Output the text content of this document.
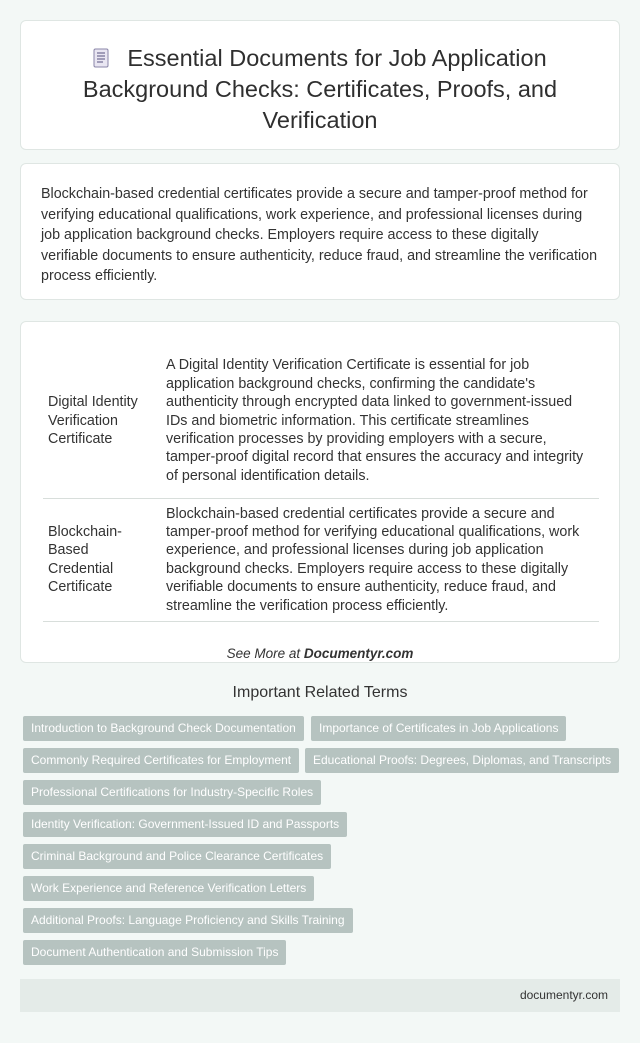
Essential Documents for Job Application Background Checks: Certificates, Proofs, and Verification

Blockchain-based credential certificates provide a secure and tamper-proof method for verifying educational qualifications, work experience, and professional licenses during job application background checks. Employers require access to these digitally verifiable documents to ensure authenticity, reduce fraud, and streamline the verification process efficiently.

Digital Identity Verification Certificate	A Digital Identity Verification Certificate is essential for job application background checks, confirming the candidate's authenticity through encrypted data linked to government-issued IDs and biometric information. This certificate streamlines verification processes by providing employers with a secure, tamper-proof digital record that ensures the accuracy and integrity of personal identification details.
Blockchain-Based Credential Certificate	Blockchain-based credential certificates provide a secure and tamper-proof method for verifying educational qualifications, work experience, and professional licenses during job application background checks. Employers require access to these digitally verifiable documents to ensure authenticity, reduce fraud, and streamline the verification process efficiently.
See More at Documentyr.com
Important Related Terms
Introduction to Background Check Documentation	Importance of Certificates in Job Applications
Commonly Required Certificates for Employment	Educational Proofs: Degrees, Diplomas, and Transcripts
Professional Certifications for Industry-Specific Roles
Identity Verification: Government-Issued ID and Passports
Criminal Background and Police Clearance Certificates
Work Experience and Reference Verification Letters
Additional Proofs: Language Proficiency and Skills Training
Document Authentication and Submission Tips
documentyr.com
